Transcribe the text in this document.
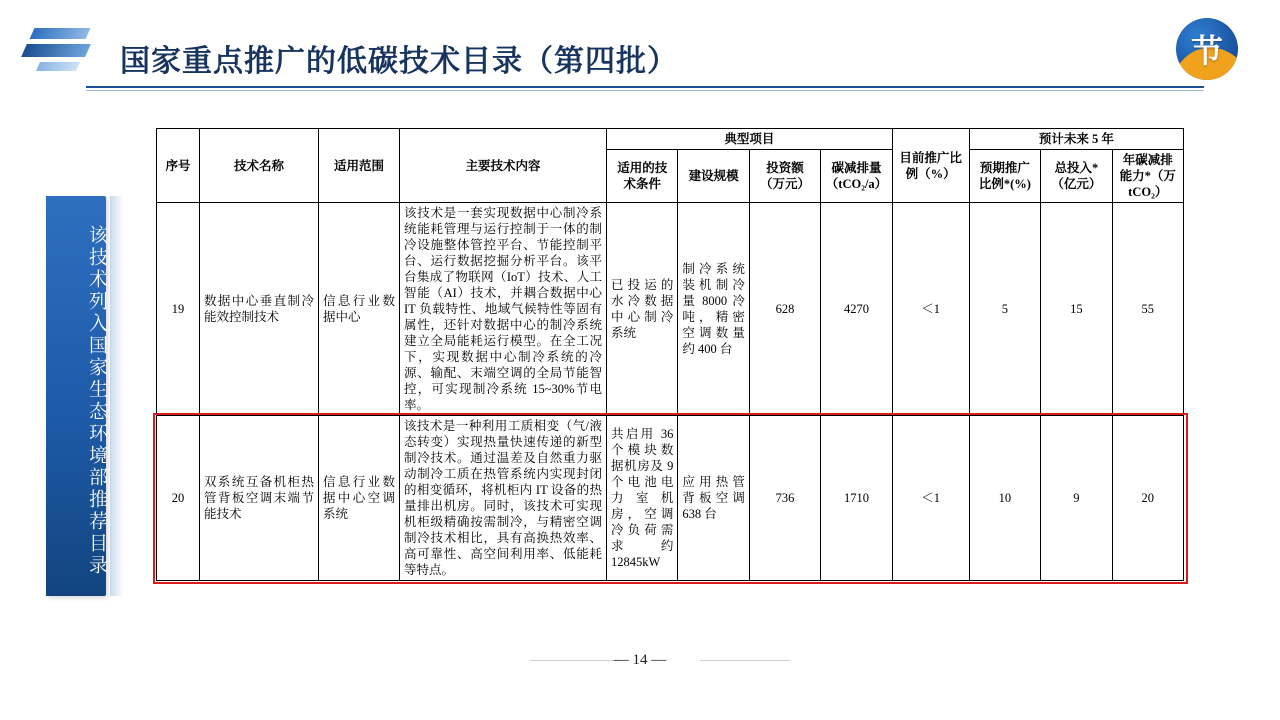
国家重点推广的低碳技术目录（第四批）	节
该技术列入国家生态环境部推荐目录
序号	技术名称	适用范围	主要技术内容	典型项目				目前推广比例（%）	预计未来 5 年		
				适用的技术条件	建设规模	投资额（万元）	碳减排量（tCO₂/a）		预期推广比例*(%)	总投入*（亿元）	年碳减排能力*（万 tCO₂）
19	数据中心垂直制冷能效控制技术	信息行业数据中心	该技术是一套实现数据中心制冷系统能耗管理与运行控制于一体的制冷设施整体管控平台、节能控制平台、运行数据挖掘分析平台。该平台集成了物联网（IoT）技术、人工智能（AI）技术，并耦合数据中心 IT 负载特性、地域气候特性等固有属性，还针对数据中心的制冷系统建立全局能耗运行模型。在全工况下，实现数据中心制冷系统的冷源、输配、末端空调的全局节能智控，可实现制冷系统 15~30%节电率。	已投运的水冷数据中心制冷系统	制冷系统装机制冷量 8000 冷吨，精密空调数量约 400 台	628	4270	＜1	5	15	55
20	双系统互备机柜热管背板空调末端节能技术	信息行业数据中心空调系统	该技术是一种利用工质相变（气/液态转变）实现热量快速传递的新型制冷技术。通过温差及自然重力驱动制冷工质在热管系统内实现封闭的相变循环，将机柜内 IT 设备的热量排出机房。同时，该技术可实现机柜级精确按需制冷，与精密空调制冷技术相比，具有高换热效率、高可靠性、高空间利用率、低能耗等特点。	共启用 36 个模块数据机房及 9 个电池电力室机房，空调冷负荷需求约 12845kW	应用热管背板空调 638 台	736	1710	＜1	10	9	20
— 14 —
